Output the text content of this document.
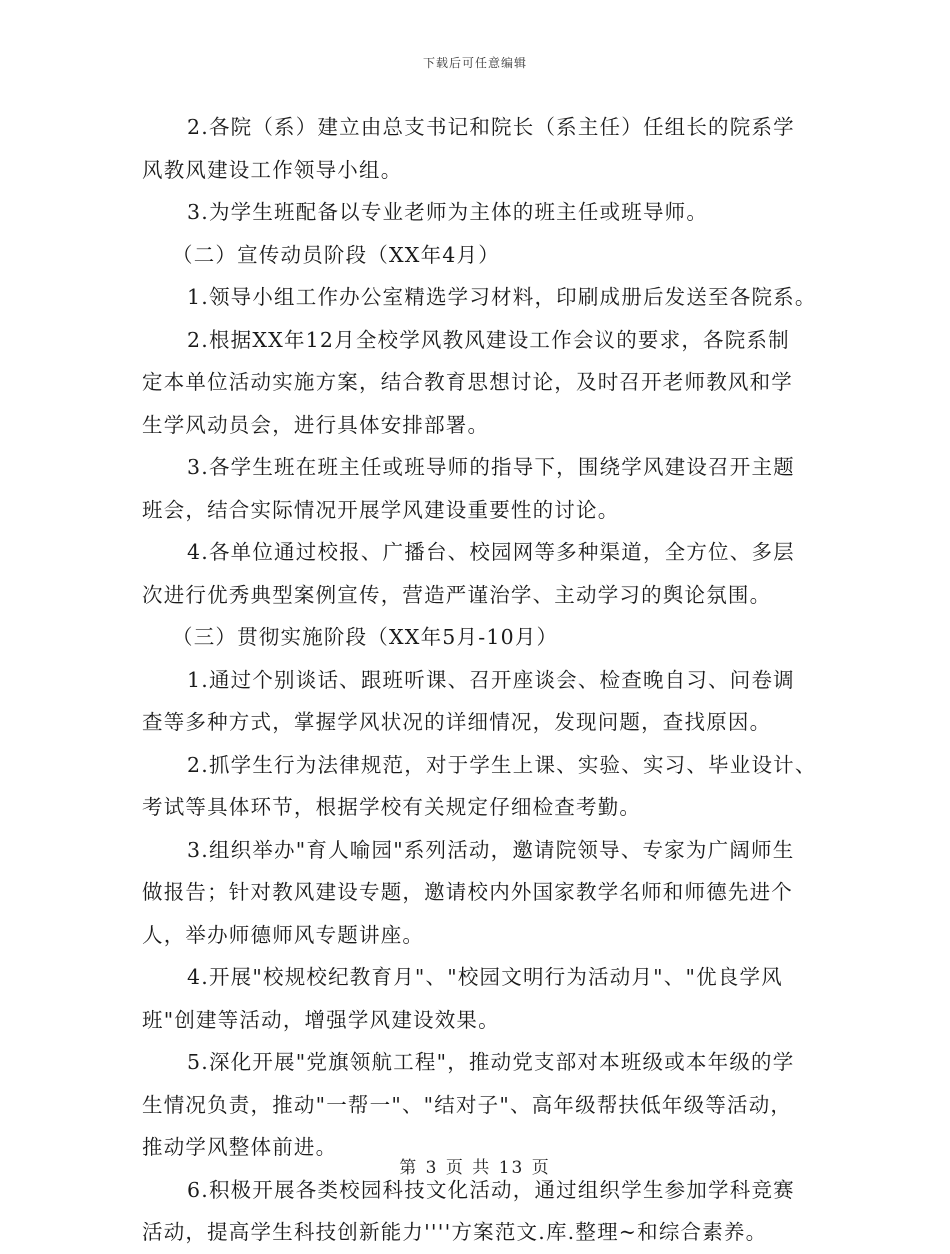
下载后可任意编辑
2.各院（系）建立由总支书记和院长（系主任）任组长的院系学
风教风建设工作领导小组。
3.为学生班配备以专业老师为主体的班主任或班导师。
（二）宣传动员阶段（XX年4月）
1.领导小组工作办公室精选学习材料，印刷成册后发送至各院系。
2.根据XX年12月全校学风教风建设工作会议的要求，各院系制
定本单位活动实施方案，结合教育思想讨论，及时召开老师教风和学
生学风动员会，进行具体安排部署。
3.各学生班在班主任或班导师的指导下，围绕学风建设召开主题
班会，结合实际情况开展学风建设重要性的讨论。
4.各单位通过校报、广播台、校园网等多种渠道，全方位、多层
次进行优秀典型案例宣传，营造严谨治学、主动学习的舆论氛围。
（三）贯彻实施阶段（XX年5月-10月）
1.通过个别谈话、跟班听课、召开座谈会、检查晚自习、问卷调
查等多种方式，掌握学风状况的详细情况，发现问题，查找原因。
2.抓学生行为法律规范，对于学生上课、实验、实习、毕业设计、
考试等具体环节，根据学校有关规定仔细检查考勤。
3.组织举办"育人喻园"系列活动，邀请院领导、专家为广阔师生
做报告；针对教风建设专题，邀请校内外国家教学名师和师德先进个
人，举办师德师风专题讲座。
4.开展"校规校纪教育月"、"校园文明行为活动月"、"优良学风
班"创建等活动，增强学风建设效果。
5.深化开展"党旗领航工程"，推动党支部对本班级或本年级的学
生情况负责，推动"一帮一"、"结对子"、高年级帮扶低年级等活动，
推动学风整体前进。
6.积极开展各类校园科技文化活动，通过组织学生参加学科竞赛
活动，提高学生科技创新能力''''方案范文.库.整理~和综合素养。
第 3 页 共 13 页
